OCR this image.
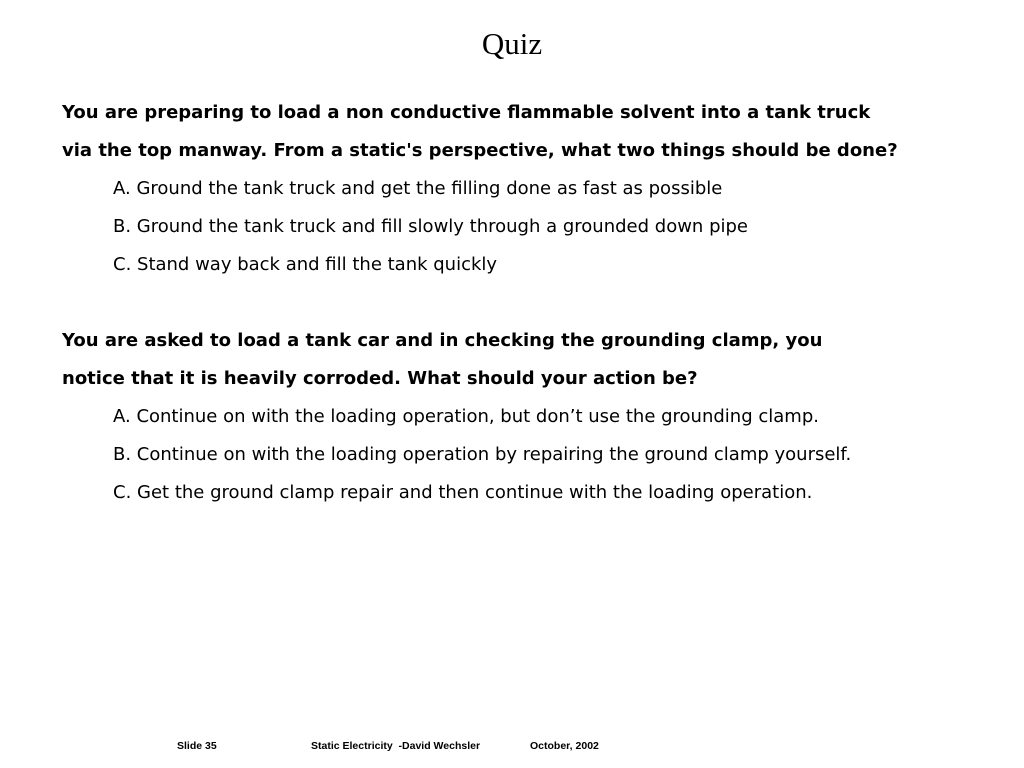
Quiz
You are preparing to load a non conductive flammable solvent into a tank truck
via the top manway. From a static's perspective, what two things should be done?
A. Ground the tank truck and get the filling done as fast as possible
B. Ground the tank truck and fill slowly through a grounded down pipe
C. Stand way back and fill the tank quickly
You are asked to load a tank car and in checking the grounding clamp, you
notice that it is heavily corroded. What should your action be?
A. Continue on with the loading operation, but don’t use the grounding clamp.
B. Continue on with the loading operation by repairing the ground clamp yourself.
C. Get the ground clamp repair and then continue with the loading operation.
Slide 35	Static Electricity  -David Wechsler	October, 2002
